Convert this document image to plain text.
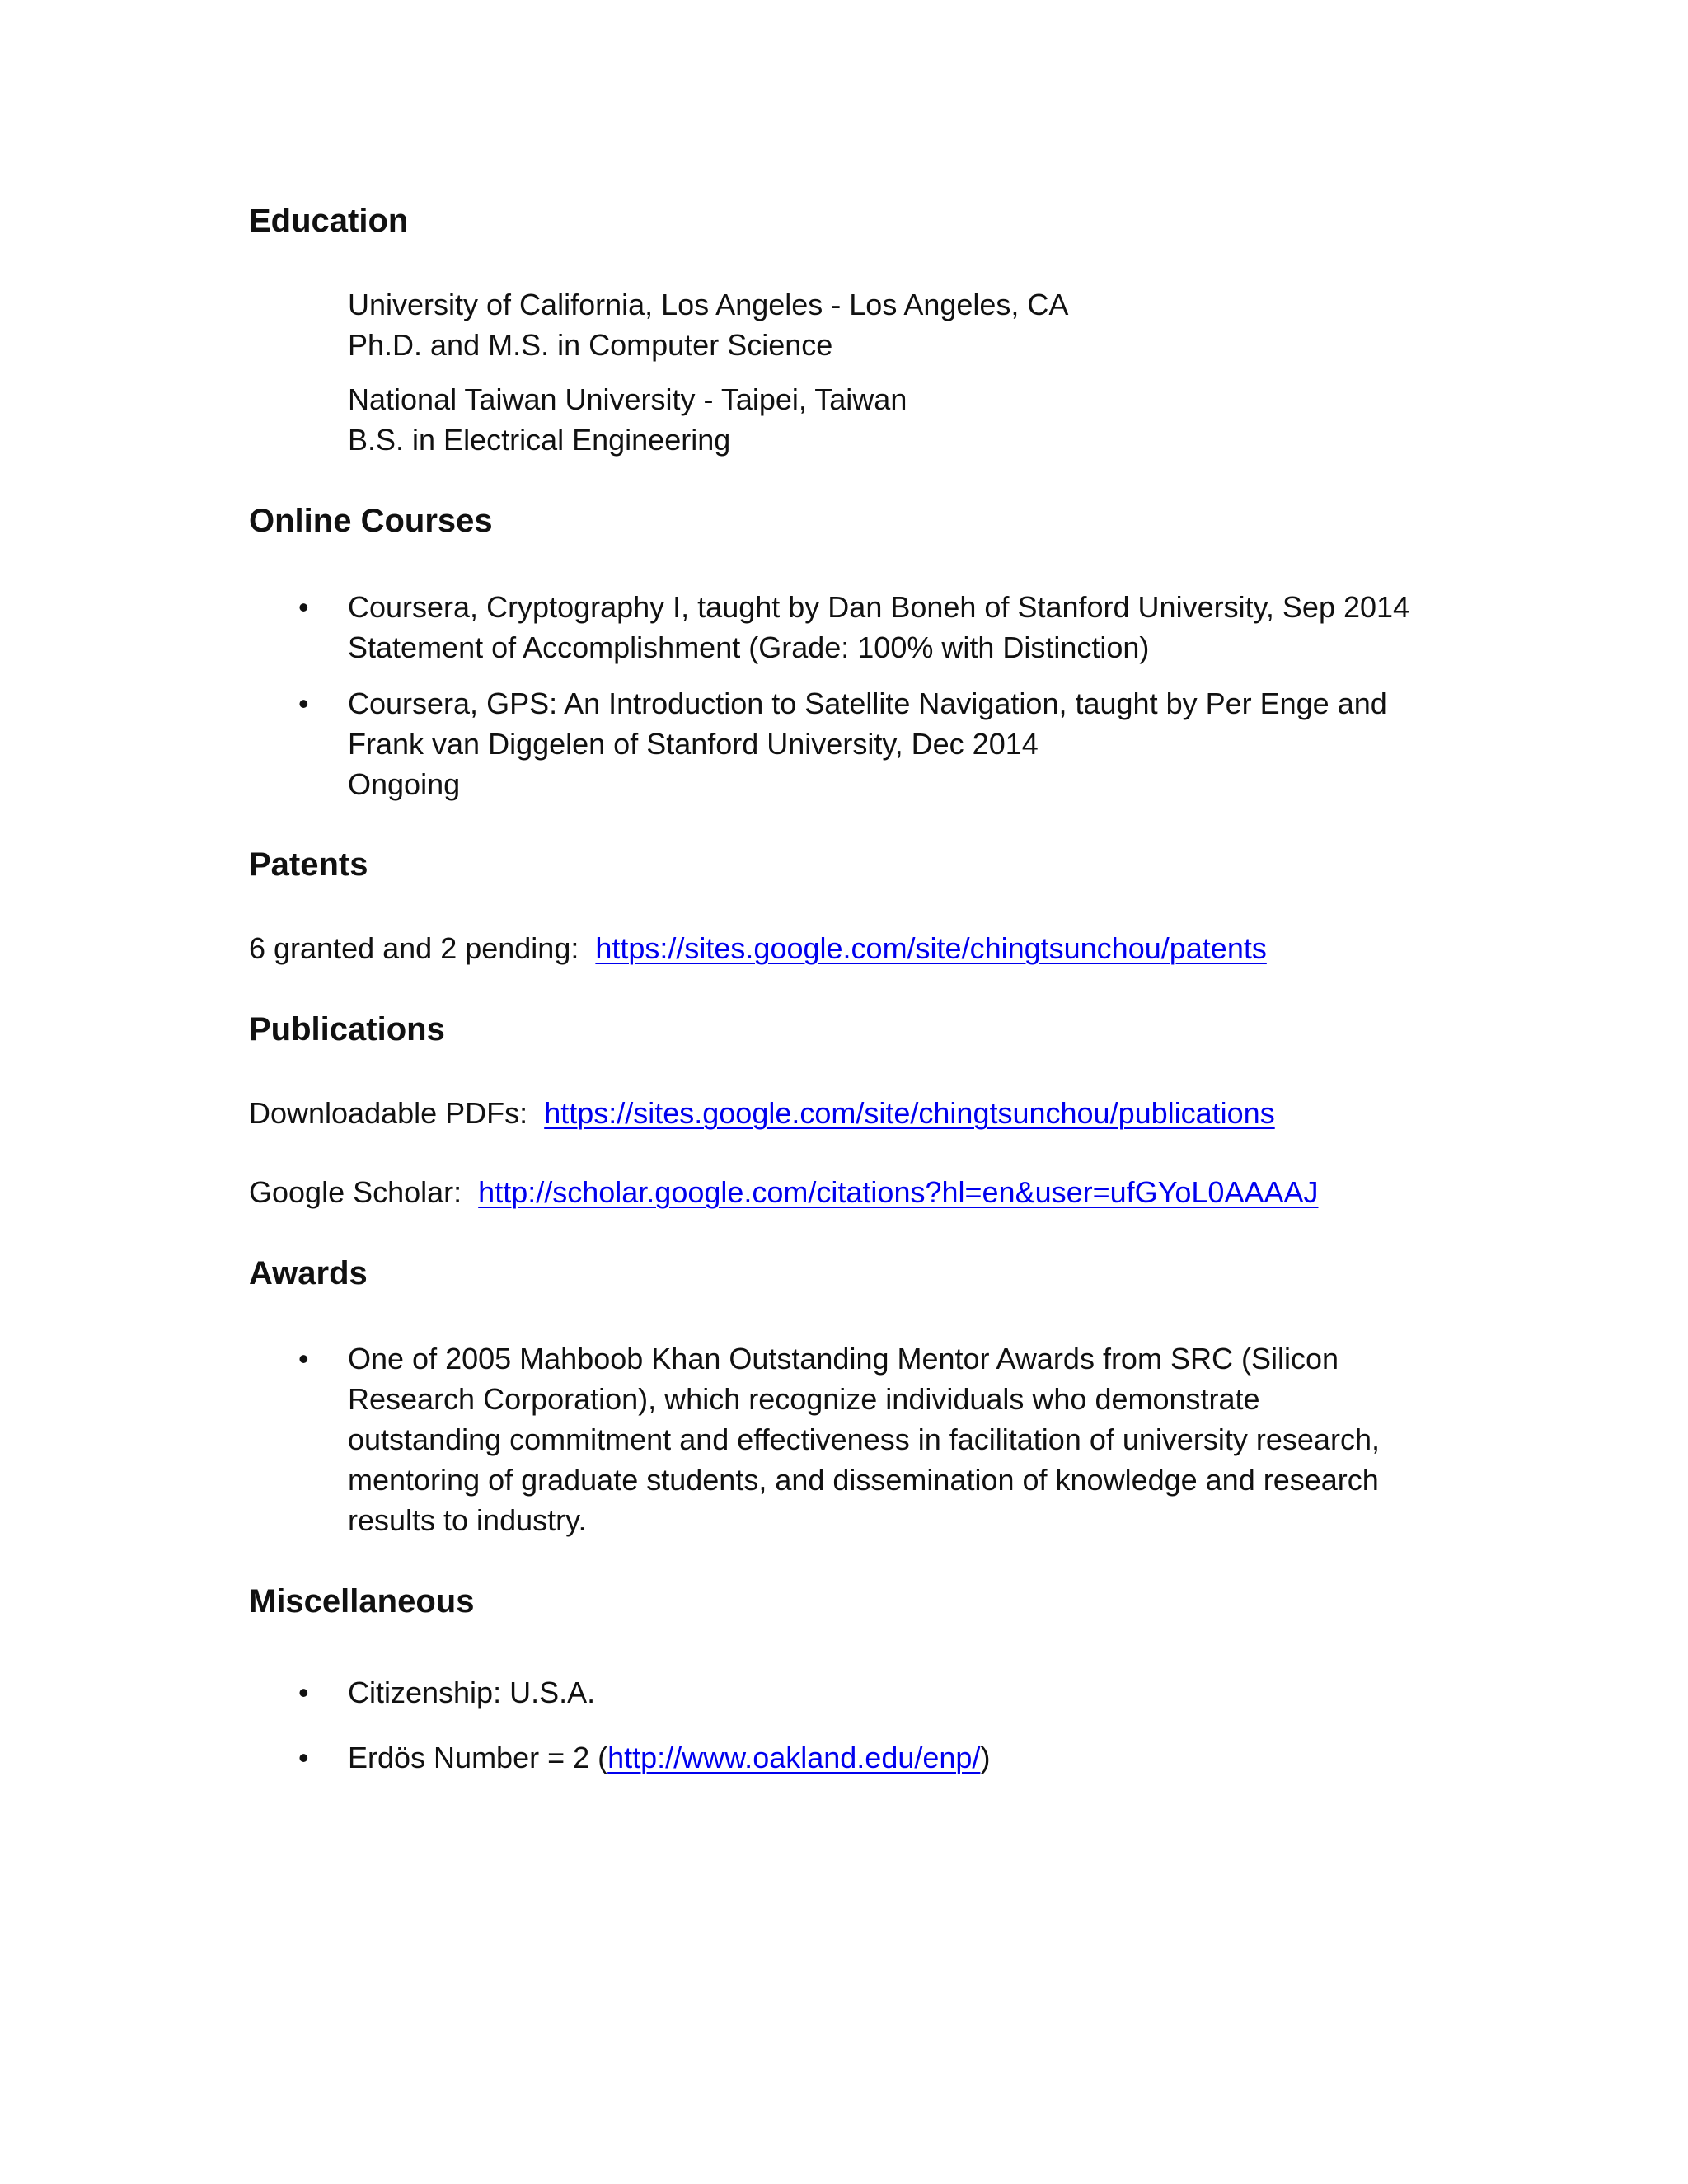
Education
University of California, Los Angeles - Los Angeles, CA
Ph.D. and M.S. in Computer Science
National Taiwan University - Taipei, Taiwan
B.S. in Electrical Engineering
Online Courses
• Coursera, Cryptography I, taught by Dan Boneh of Stanford University, Sep 2014
Statement of Accomplishment (Grade: 100% with Distinction)
• Coursera, GPS: An Introduction to Satellite Navigation, taught by Per Enge and
Frank van Diggelen of Stanford University, Dec 2014
Ongoing
Patents
6 granted and 2 pending: https://sites.google.com/site/chingtsunchou/patents
Publications
Downloadable PDFs: https://sites.google.com/site/chingtsunchou/publications
Google Scholar: http://scholar.google.com/citations?hl=en&user=ufGYoL0AAAAJ
Awards
• One of 2005 Mahboob Khan Outstanding Mentor Awards from SRC (Silicon
Research Corporation), which recognize individuals who demonstrate
outstanding commitment and effectiveness in facilitation of university research,
mentoring of graduate students, and dissemination of knowledge and research
results to industry.
Miscellaneous
• Citizenship: U.S.A.
• Erdös Number = 2 (http://www.oakland.edu/enp/)
